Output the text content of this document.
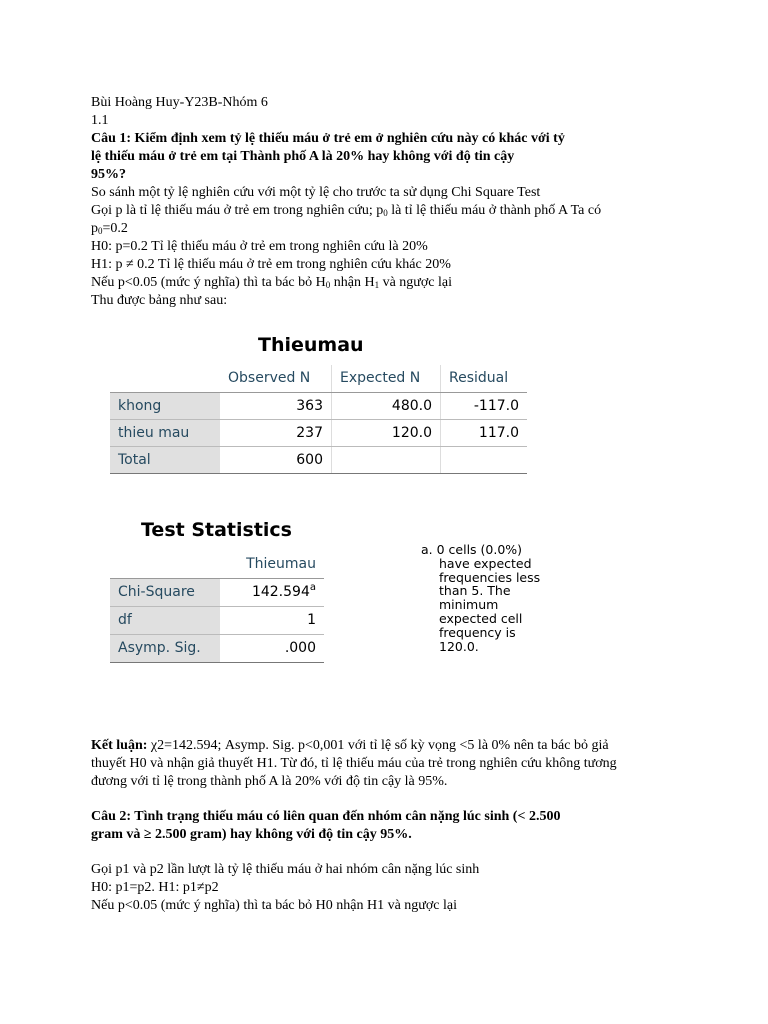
Bùi Hoàng Huy-Y23B-Nhóm 6
1.1
Câu 1: Kiểm định xem tỷ lệ thiếu máu ở trẻ em ở nghiên cứu này có khác với tỷ
lệ thiếu máu ở trẻ em tại Thành phố A là 20% hay không với độ tin cậy
95%?
So sánh một tỷ lệ nghiên cứu với một tỷ lệ cho trước ta sử dụng Chi Square Test
Gọi p là tỉ lệ thiếu máu ở trẻ em trong nghiên cứu; $p_0$ là tỉ lệ thiếu máu ở thành phố A Ta có
$p_0=0.2$
H0: p=0.2 Tỉ lệ thiếu máu ở trẻ em trong nghiên cứu là 20%
H1: p ≠ 0.2 Tỉ lệ thiếu máu ở trẻ em trong nghiên cứu khác 20%
Nếu p<0.05 (mức ý nghĩa) thì ta bác bỏ $H_0$ nhận $H_1$ và ngược lại
Thu được bảng như sau:
Thieumau
	Observed N	Expected N	Residual
khong	363	480.0	-117.0
thieu mau	237	120.0	117.0
Total	600		
Test Statistics
	Thieumau
Chi-Square	142.594$^a$
df	1
Asymp. Sig.	.000
a. 0 cells (0.0%)
have expected
frequencies less
than 5. The
minimum
expected cell
frequency is
120.0.
Kết luận: χ2=142.594; Asymp. Sig. p<0,001 với tỉ lệ số kỳ vọng <5 là 0% nên ta bác bỏ giả
thuyết H0 và nhận giả thuyết H1. Từ đó, tỉ lệ thiếu máu của trẻ trong nghiên cứu không tương
đương với tỉ lệ trong thành phố A là 20% với độ tin cậy là 95%.
Câu 2: Tình trạng thiếu máu có liên quan đến nhóm cân nặng lúc sinh (< 2.500
gram và ≥ 2.500 gram) hay không với độ tin cậy 95%.
Gọi p1 và p2 lần lượt là tỷ lệ thiếu máu ở hai nhóm cân nặng lúc sinh
H0: p1=p2. H1: p1≠p2
Nếu p<0.05 (mức ý nghĩa) thì ta bác bỏ H0 nhận H1 và ngược lại
